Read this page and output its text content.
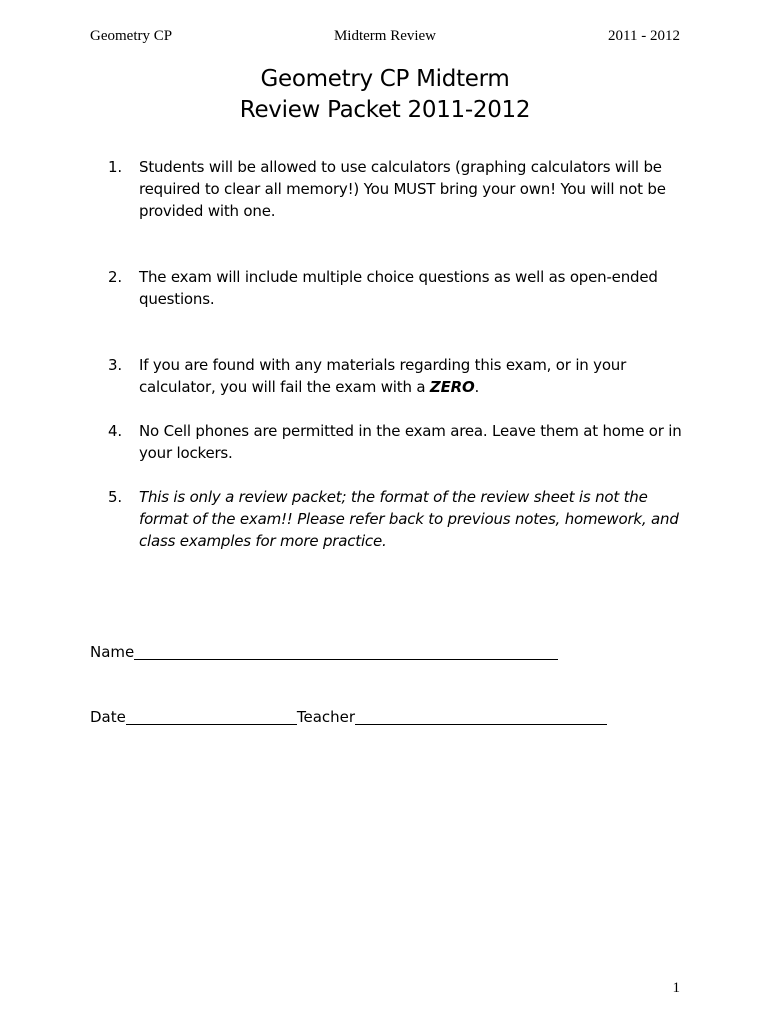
Geometry CP	Midterm Review	2011 - 2012
Geometry CP Midterm
Review Packet 2011-2012
1. Students will be allowed to use calculators (graphing calculators will be required to clear all memory!) You MUST bring your own! You will not be provided with one.
2. The exam will include multiple choice questions as well as open-ended questions.
3. If you are found with any materials regarding this exam, or in your calculator, you will fail the exam with a ZERO.
4. No Cell phones are permitted in the exam area. Leave them at home or in your lockers.
5. This is only a review packet; the format of the review sheet is not the format of the exam!! Please refer back to previous notes, homework, and class examples for more practice.
Name
Date	Teacher
1
